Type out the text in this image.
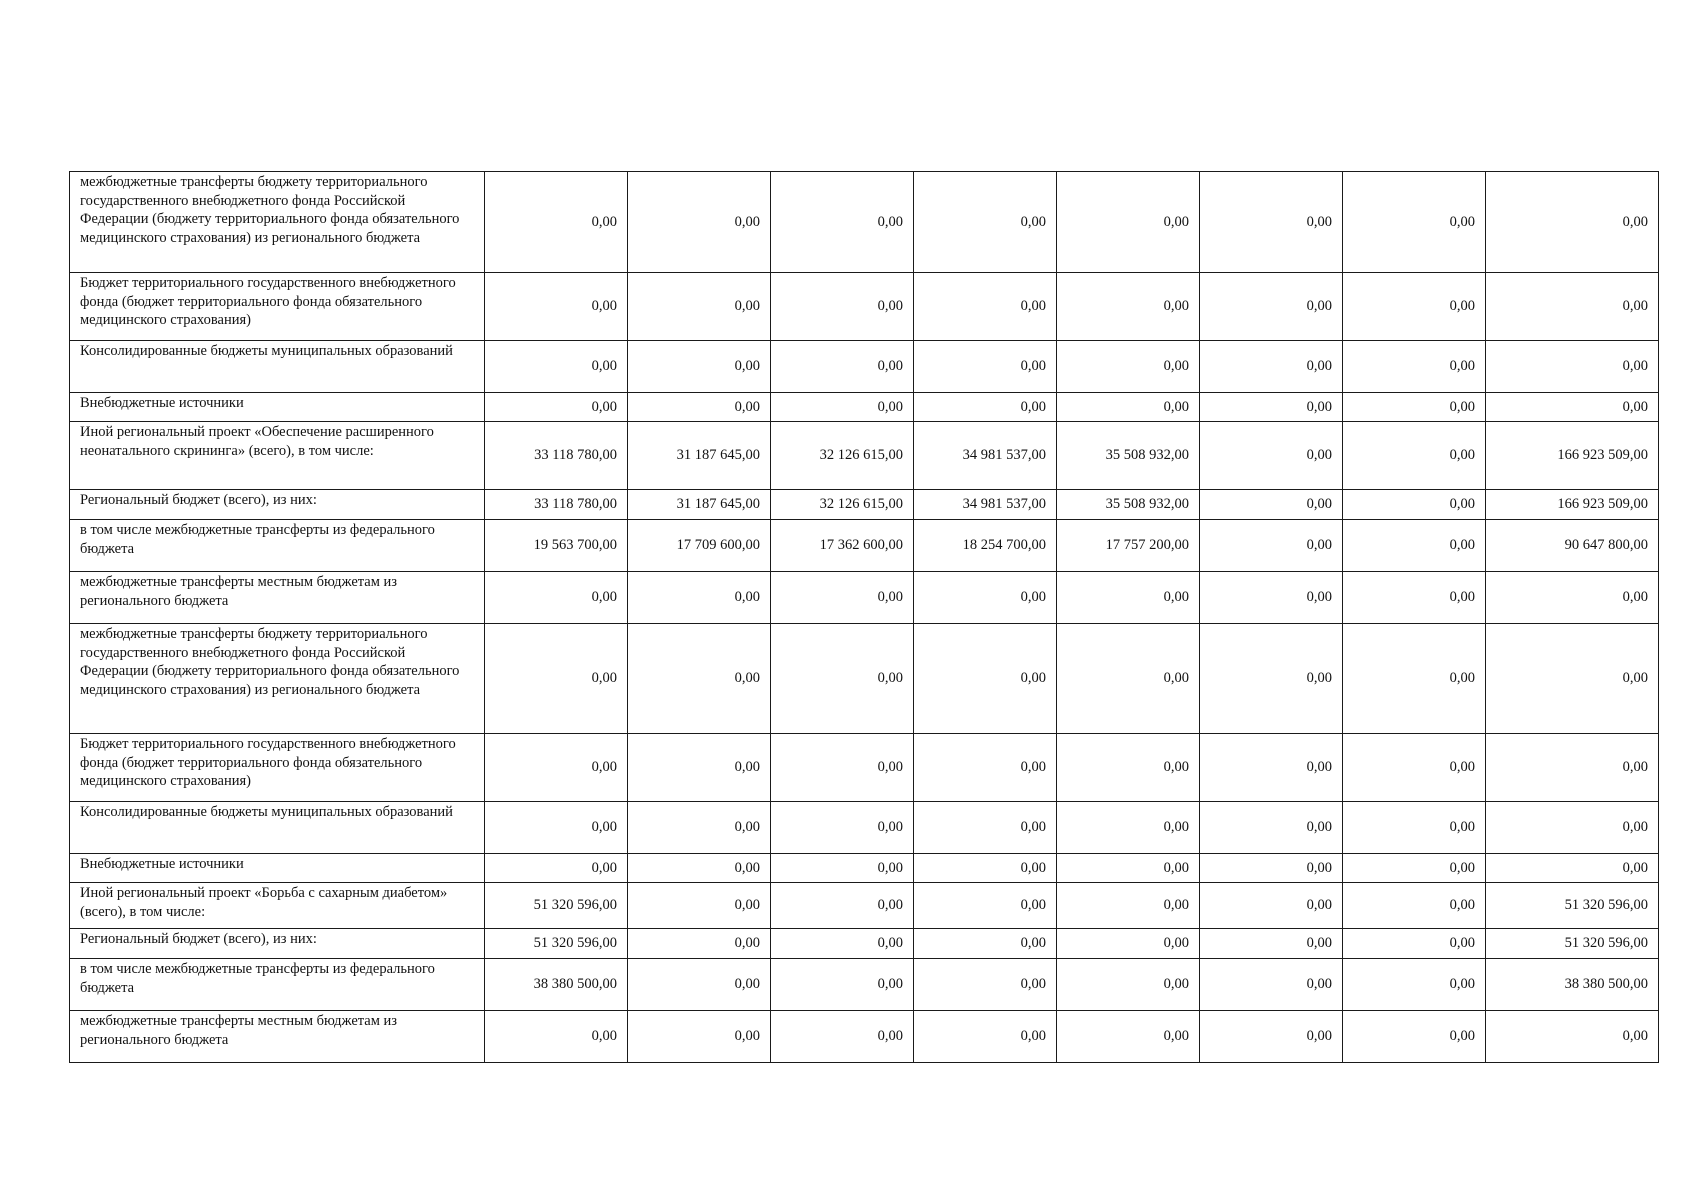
межбюджетные трансферты бюджету территориального государственного внебюджетного фонда Российской Федерации (бюджету территориального фонда обязательного медицинского страхования) из регионального бюджета	0,00	0,00	0,00	0,00	0,00	0,00	0,00	0,00
Бюджет территориального государственного внебюджетного фонда (бюджет территориального фонда обязательного медицинского страхования)	0,00	0,00	0,00	0,00	0,00	0,00	0,00	0,00
Консолидированные бюджеты муниципальных образований	0,00	0,00	0,00	0,00	0,00	0,00	0,00	0,00
Внебюджетные источники	0,00	0,00	0,00	0,00	0,00	0,00	0,00	0,00
Иной региональный проект «Обеспечение расширенного неонатального скрининга» (всего), в том числе:	33 118 780,00	31 187 645,00	32 126 615,00	34 981 537,00	35 508 932,00	0,00	0,00	166 923 509,00
Региональный бюджет (всего), из них:	33 118 780,00	31 187 645,00	32 126 615,00	34 981 537,00	35 508 932,00	0,00	0,00	166 923 509,00
в том числе межбюджетные трансферты из федерального бюджета	19 563 700,00	17 709 600,00	17 362 600,00	18 254 700,00	17 757 200,00	0,00	0,00	90 647 800,00
межбюджетные трансферты местным бюджетам из регионального бюджета	0,00	0,00	0,00	0,00	0,00	0,00	0,00	0,00
межбюджетные трансферты бюджету территориального государственного внебюджетного фонда Российской Федерации (бюджету территориального фонда обязательного медицинского страхования) из регионального бюджета	0,00	0,00	0,00	0,00	0,00	0,00	0,00	0,00
Бюджет территориального государственного внебюджетного фонда (бюджет территориального фонда обязательного медицинского страхования)	0,00	0,00	0,00	0,00	0,00	0,00	0,00	0,00
Консолидированные бюджеты муниципальных образований	0,00	0,00	0,00	0,00	0,00	0,00	0,00	0,00
Внебюджетные источники	0,00	0,00	0,00	0,00	0,00	0,00	0,00	0,00
Иной региональный проект «Борьба с сахарным диабетом» (всего), в том числе:	51 320 596,00	0,00	0,00	0,00	0,00	0,00	0,00	51 320 596,00
Региональный бюджет (всего), из них:	51 320 596,00	0,00	0,00	0,00	0,00	0,00	0,00	51 320 596,00
в том числе межбюджетные трансферты из федерального бюджета	38 380 500,00	0,00	0,00	0,00	0,00	0,00	0,00	38 380 500,00
межбюджетные трансферты местным бюджетам из регионального бюджета	0,00	0,00	0,00	0,00	0,00	0,00	0,00	0,00
